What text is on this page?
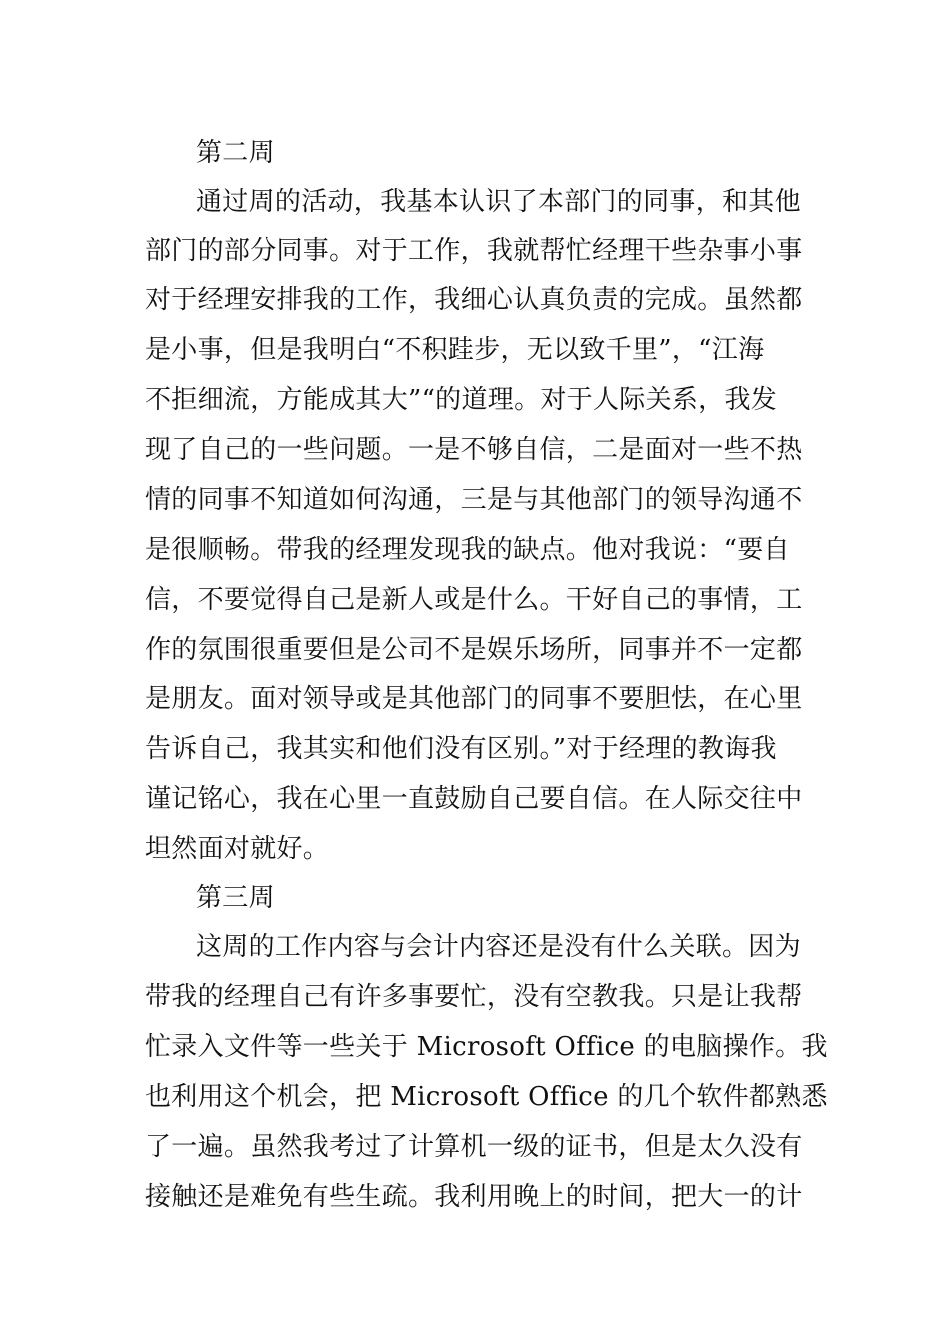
第二周
通过周的活动，我基本认识了本部门的同事，和其他
部门的部分同事。对于工作，我就帮忙经理干些杂事小事
对于经理安排我的工作，我细心认真负责的完成。虽然都
是小事，但是我明白“不积跬步，无以致千里”，“江海
不拒细流，方能成其大”“的道理。对于人际关系，我发
现了自己的一些问题。一是不够自信，二是面对一些不热
情的同事不知道如何沟通，三是与其他部门的领导沟通不
是很顺畅。带我的经理发现我的缺点。他对我说：“要自
信，不要觉得自己是新人或是什么。干好自己的事情，工
作的氛围很重要但是公司不是娱乐场所，同事并不一定都
是朋友。面对领导或是其他部门的同事不要胆怯，在心里
告诉自己，我其实和他们没有区别。”对于经理的教诲我
谨记铭心，我在心里一直鼓励自己要自信。在人际交往中
坦然面对就好。
第三周
这周的工作内容与会计内容还是没有什么关联。因为
带我的经理自己有许多事要忙，没有空教我。只是让我帮
忙录入文件等一些关于 Microsoft Office 的电脑操作。我
也利用这个机会，把 Microsoft Office 的几个软件都熟悉
了一遍。虽然我考过了计算机一级的证书，但是太久没有
接触还是难免有些生疏。我利用晚上的时间，把大一的计
